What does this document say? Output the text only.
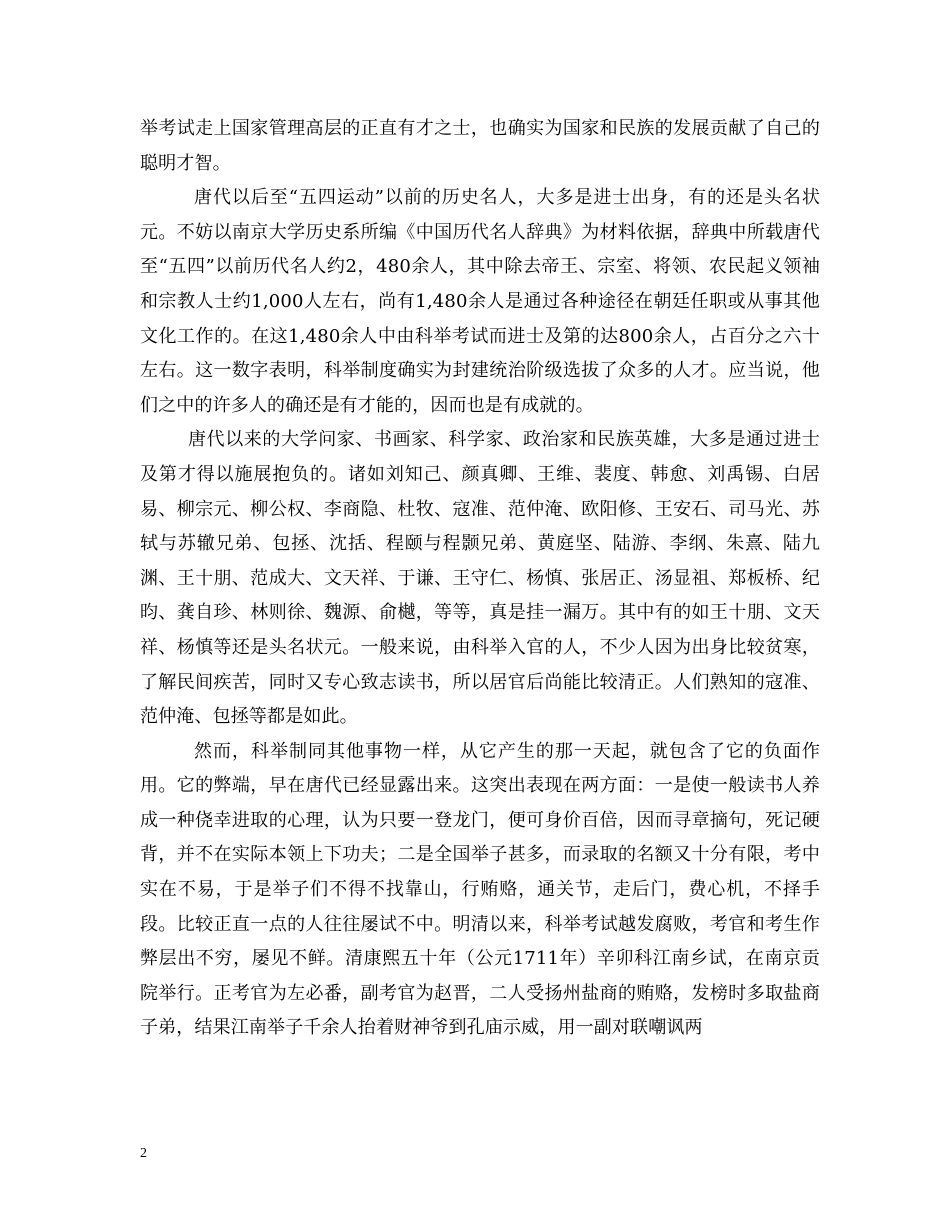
举考试走上国家管理高层的正直有才之士，也确实为国家和民族的发展贡献了自己的聪明才智。

唐代以后至“五四运动”以前的历史名人，大多是进士出身，有的还是头名状元。不妨以南京大学历史系所编《中国历代名人辞典》为材料依据，辞典中所载唐代至“五四”以前历代名人约2，480余人，其中除去帝王、宗室、将领、农民起义领袖和宗教人士约1,000人左右，尚有1,480余人是通过各种途径在朝廷任职或从事其他文化工作的。在这1,480余人中由科举考试而进士及第的达800余人，占百分之六十左右。这一数字表明，科举制度确实为封建统治阶级选拔了众多的人才。应当说，他们之中的许多人的确还是有才能的，因而也是有成就的。

唐代以来的大学问家、书画家、科学家、政治家和民族英雄，大多是通过进士及第才得以施展抱负的。诸如刘知己、颜真卿、王维、裴度、韩愈、刘禹锡、白居易、柳宗元、柳公权、李商隐、杜牧、寇准、范仲淹、欧阳修、王安石、司马光、苏轼与苏辙兄弟、包拯、沈括、程颐与程颢兄弟、黄庭坚、陆游、李纲、朱熹、陆九渊、王十朋、范成大、文天祥、于谦、王守仁、杨慎、张居正、汤显祖、郑板桥、纪昀、龚自珍、林则徐、魏源、俞樾，等等，真是挂一漏万。其中有的如王十朋、文天祥、杨慎等还是头名状元。一般来说，由科举入官的人，不少人因为出身比较贫寒，了解民间疾苦，同时又专心致志读书，所以居官后尚能比较清正。人们熟知的寇准、范仲淹、包拯等都是如此。

然而，科举制同其他事物一样，从它产生的那一天起，就包含了它的负面作用。它的弊端，早在唐代已经显露出来。这突出表现在两方面：一是使一般读书人养成一种侥幸进取的心理，认为只要一登龙门，便可身价百倍，因而寻章摘句，死记硬背，并不在实际本领上下功夫；二是全国举子甚多，而录取的名额又十分有限，考中实在不易，于是举子们不得不找靠山，行贿赂，通关节，走后门，费心机，不择手段。比较正直一点的人往往屡试不中。明清以来，科举考试越发腐败，考官和考生作弊层出不穷，屡见不鲜。清康熙五十年（公元1711年）辛卯科江南乡试，在南京贡院举行。正考官为左必番，副考官为赵晋，二人受扬州盐商的贿赂，发榜时多取盐商子弟，结果江南举子千余人抬着财神爷到孔庙示威，用一副对联嘲讽两

2
